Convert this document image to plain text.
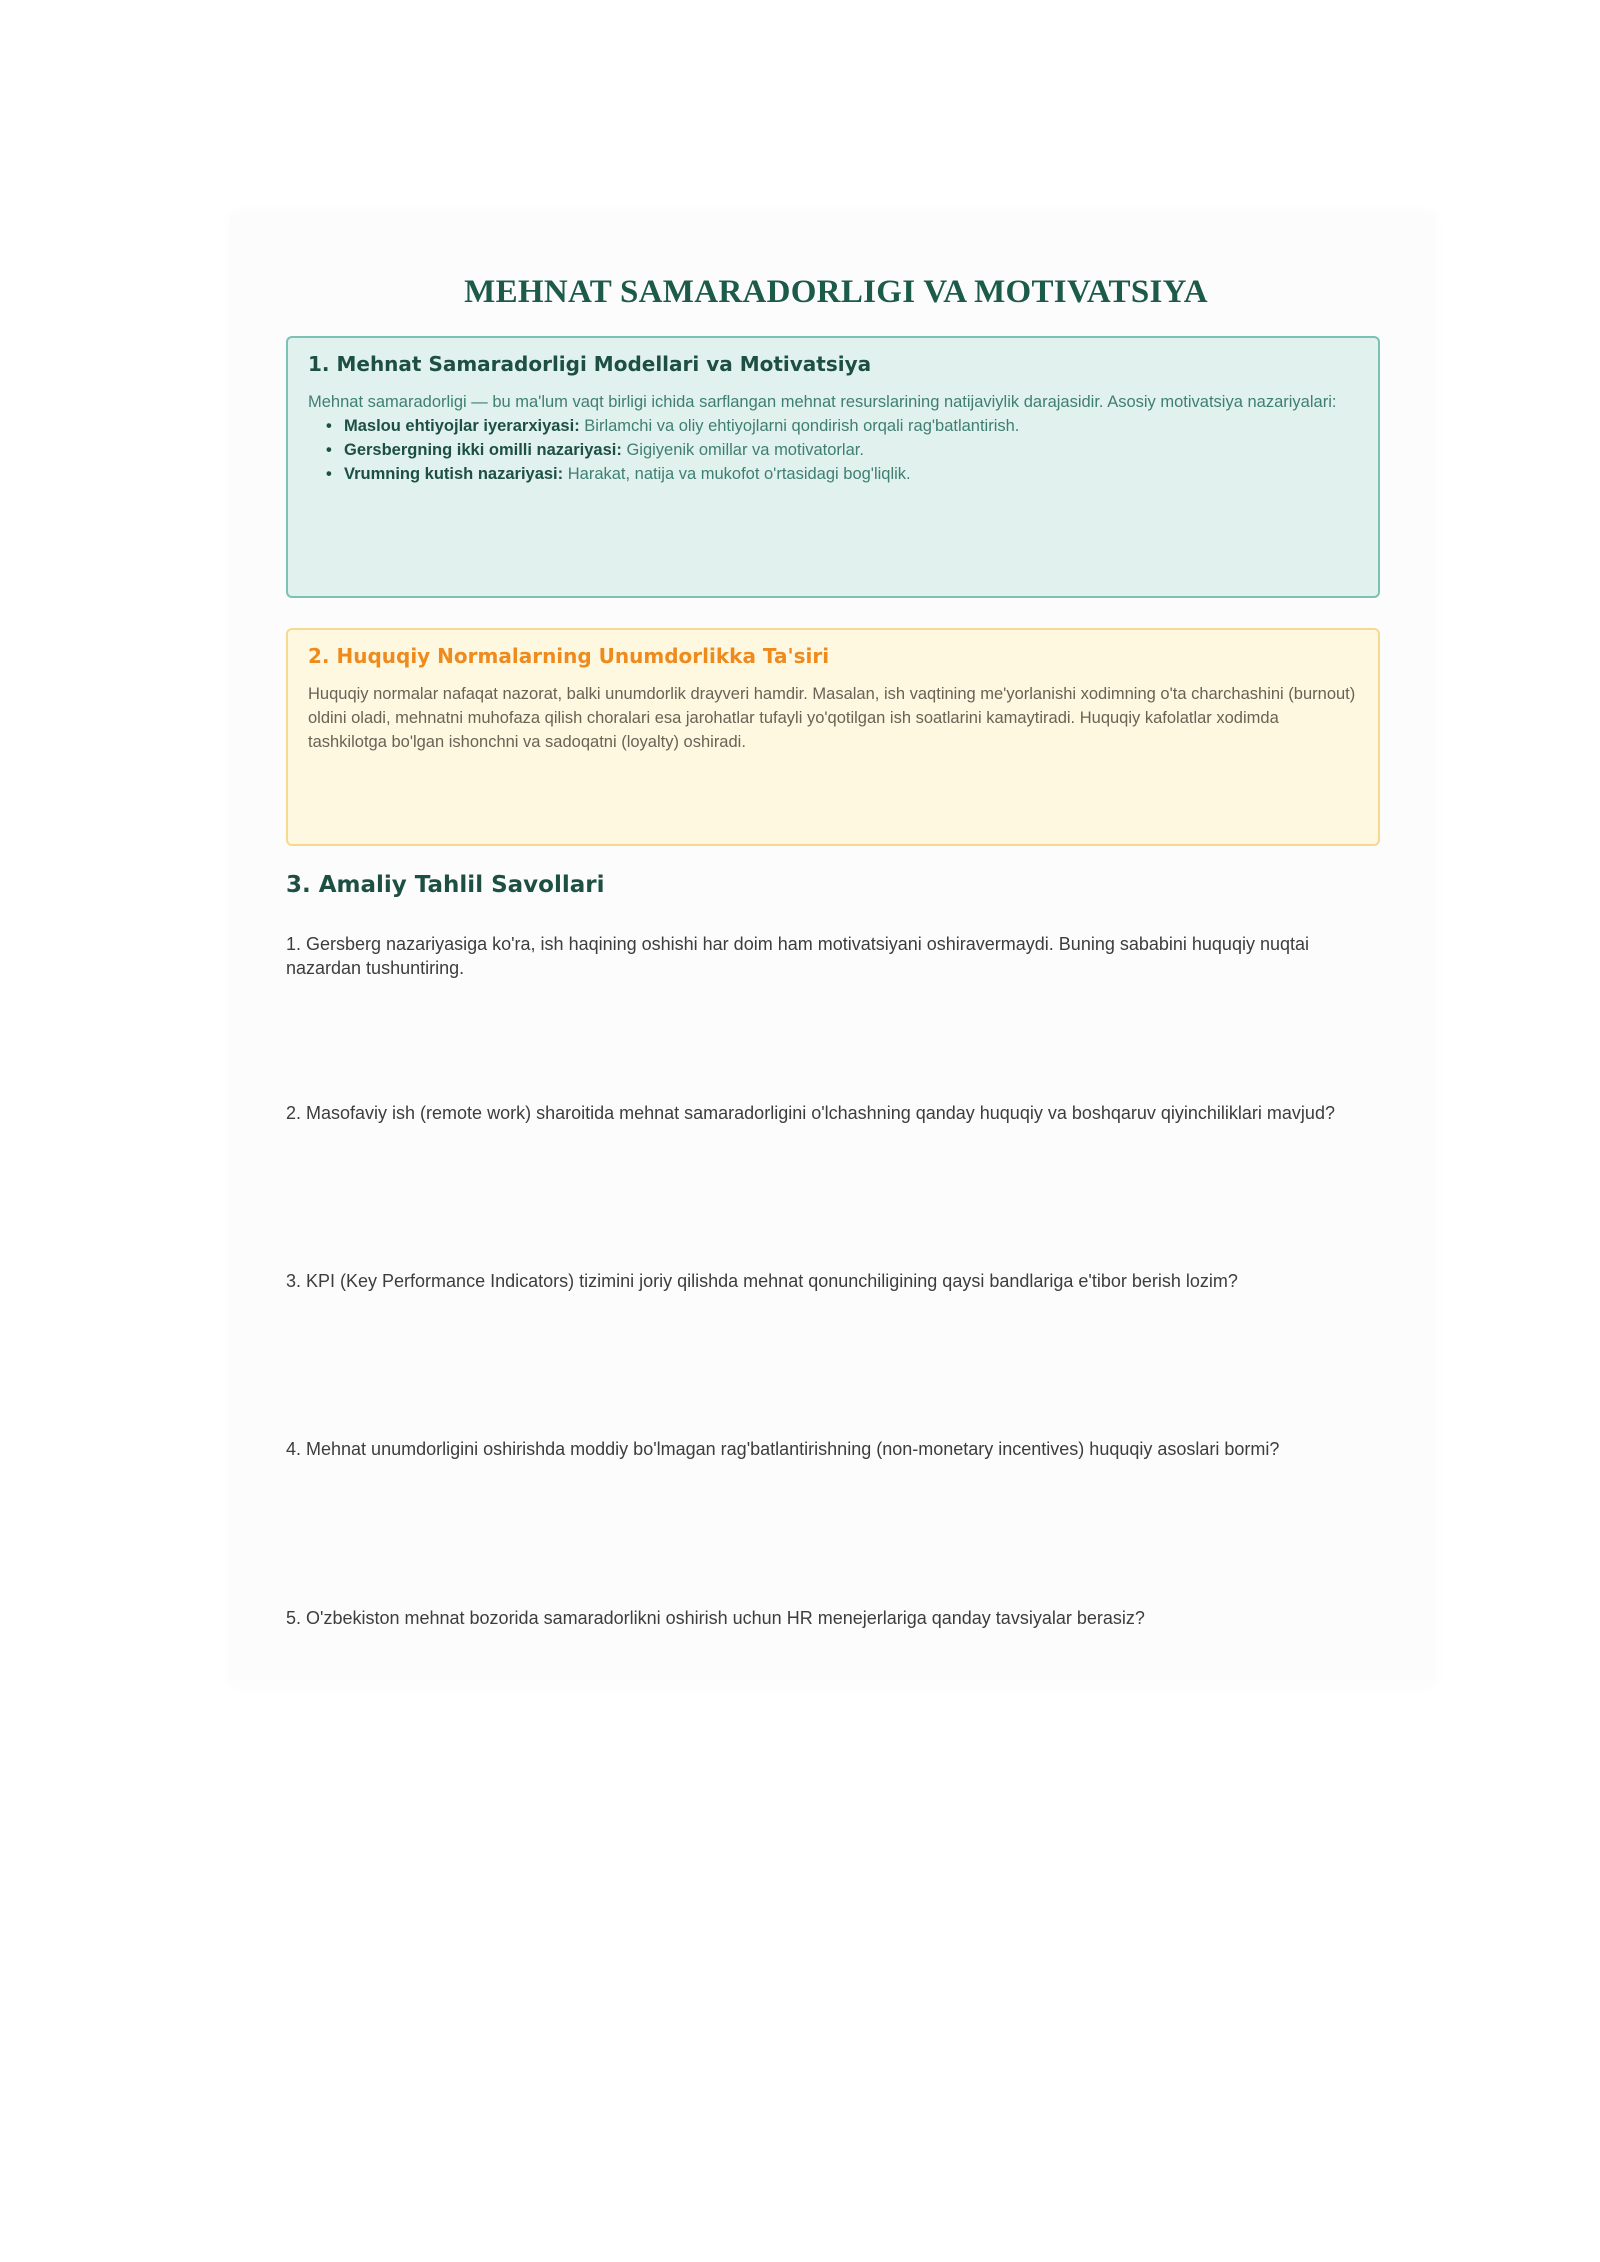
MEHNAT SAMARADORLIGI VA MOTIVATSIYA
1. Mehnat Samaradorligi Modellari va Motivatsiya

Mehnat samaradorligi — bu ma'lum vaqt birligi ichida sarflangan mehnat resurslarining natijaviylik darajasidir. Asosiy motivatsiya nazariyalari:

• Maslou ehtiyojlar iyerarxiyasi: Birlamchi va oliy ehtiyojlarni qondirish orqali rag'batlantirish.
• Gersbergning ikki omilli nazariyasi: Gigiyenik omillar va motivatorlar.
• Vrumning kutish nazariyasi: Harakat, natija va mukofot o'rtasidagi bog'liqlik.
2. Huquqiy Normalarning Unumdorlikka Ta'siri

Huquqiy normalar nafaqat nazorat, balki unumdorlik drayveri hamdir. Masalan, ish vaqtining me'yorlanishi xodimning o'ta charchashini (burnout) oldini oladi, mehnatni muhofaza qilish choralari esa jarohatlar tufayli yo'qotilgan ish soatlarini kamaytiradi. Huquqiy kafolatlar xodimda tashkilotga bo'lgan ishonchni va sadoqatni (loyalty) oshiradi.

3. Amaliy Tahlil Savollari

1. Gersberg nazariyasiga ko'ra, ish haqining oshishi har doim ham motivatsiyani oshiravermaydi. Buning sababini huquqiy nuqtai nazardan tushuntiring.

2. Masofaviy ish (remote work) sharoitida mehnat samaradorligini o'lchashning qanday huquqiy va boshqaruv qiyinchiliklari mavjud?

3. KPI (Key Performance Indicators) tizimini joriy qilishda mehnat qonunchiligining qaysi bandlariga e'tibor berish lozim?

4. Mehnat unumdorligini oshirishda moddiy bo'lmagan rag'batlantirishning (non-monetary incentives) huquqiy asoslari bormi?

5. O'zbekiston mehnat bozorida samaradorlikni oshirish uchun HR menejerlariga qanday tavsiyalar berasiz?
